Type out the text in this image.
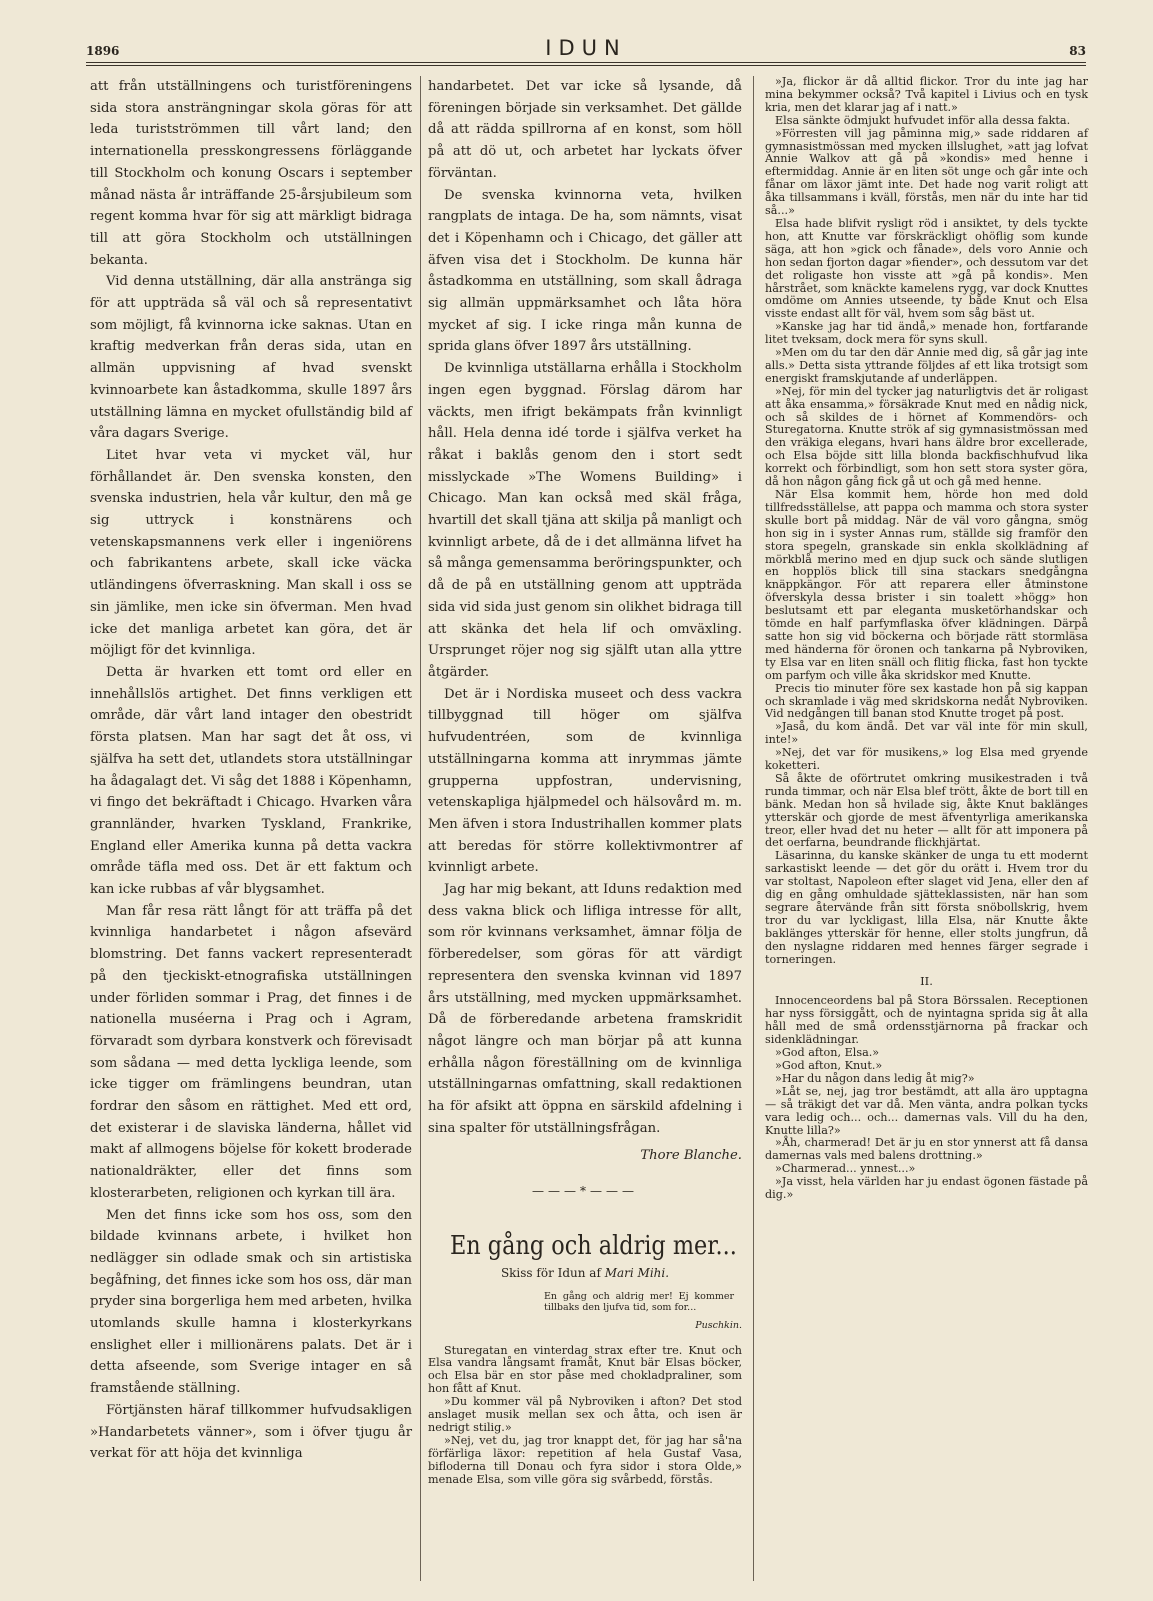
1896	IDUN	83

att från utställningens och turistföreningens sida stora ansträngningar skola göras för att leda turistströmmen till vårt land; den internationella presskongressens förläggande till Stockholm och konung Oscars i september månad nästa år inträffande 25-årsjubileum som regent komma hvar för sig att märkligt bidraga till att göra Stockholm och utställningen bekanta.

Vid denna utställning, där alla anstränga sig för att uppträda så väl och så representativt som möjligt, få kvinnorna icke saknas. Utan en kraftig medverkan från deras sida, utan en allmän uppvisning af hvad svenskt kvinnoarbete kan åstadkomma, skulle 1897 års utställning lämna en mycket ofullständig bild af våra dagars Sverige.

Litet hvar veta vi mycket väl, hur förhållandet är. Den svenska konsten, den svenska industrien, hela vår kultur, den må ge sig uttryck i konstnärens och vetenskapsmannens verk eller i ingeniörens och fabrikantens arbete, skall icke väcka utländingens öfverraskning. Man skall i oss se sin jämlike, men icke sin öfverman. Men hvad icke det manliga arbetet kan göra, det är möjligt för det kvinnliga.

Detta är hvarken ett tomt ord eller en innehållslös artighet. Det finns verkligen ett område, där vårt land intager den obestridt första platsen. Man har sagt det åt oss, vi själfva ha sett det, utlandets stora utställningar ha ådagalagt det. Vi såg det 1888 i Köpenhamn, vi fingo det bekräftadt i Chicago. Hvarken våra grannländer, hvarken Tyskland, Frankrike, England eller Amerika kunna på detta vackra område täfla med oss. Det är ett faktum och kan icke rubbas af vår blygsamhet.

Man får resa rätt långt för att träffa på det kvinnliga handarbetet i någon afsevärd blomstring. Det fanns vackert representeradt på den tjeckiskt-etnografiska utställningen under förliden sommar i Prag, det finnes i de nationella muséerna i Prag och i Agram, förvaradt som dyrbara konstverk och förevisadt som sådana — med detta lyckliga leende, som icke tigger om främlingens beundran, utan fordrar den såsom en rättighet. Med ett ord, det existerar i de slaviska länderna, hållet vid makt af allmogens böjelse för kokett broderade nationaldräkter, eller det finns som klosterarbeten, religionen och kyrkan till ära.

Men det finns icke som hos oss, som den bildade kvinnans arbete, i hvilket hon nedlägger sin odlade smak och sin artistiska begåfning, det finnes icke som hos oss, där man pryder sina borgerliga hem med arbeten, hvilka utomlands skulle hamna i klosterkyrkans enslighet eller i millionärens palats. Det är i detta afseende, som Sverige intager en så framstående ställning.

Förtjänsten häraf tillkommer hufvudsakligen »Handarbetets vänner», som i öfver tjugu år verkat för att höja det kvinnliga

handarbetet. Det var icke så lysande, då föreningen började sin verksamhet. Det gällde då att rädda spillrorna af en konst, som höll på att dö ut, och arbetet har lyckats öfver förväntan.

De svenska kvinnorna veta, hvilken rangplats de intaga. De ha, som nämnts, visat det i Köpenhamn och i Chicago, det gäller att äfven visa det i Stockholm. De kunna här åstadkomma en utställning, som skall ådraga sig allmän uppmärksamhet och låta höra mycket af sig. I icke ringa mån kunna de sprida glans öfver 1897 års utställning.

De kvinnliga utställarna erhålla i Stockholm ingen egen byggnad. Förslag därom har väckts, men ifrigt bekämpats från kvinnligt håll. Hela denna idé torde i själfva verket ha råkat i baklås genom den i stort sedt misslyckade »The Womens Building» i Chicago. Man kan också med skäl fråga, hvartill det skall tjäna att skilja på manligt och kvinnligt arbete, då de i det allmänna lifvet ha så många gemensamma beröringspunkter, och då de på en utställning genom att uppträda sida vid sida just genom sin olikhet bidraga till att skänka det hela lif och omväxling. Ursprunget röjer nog sig själft utan alla yttre åtgärder.

Det är i Nordiska museet och dess vackra tillbyggnad till höger om själfva hufvudentréen, som de kvinnliga utställningarna komma att inrymmas jämte grupperna uppfostran, undervisning, vetenskapliga hjälpmedel och hälsovård m. m. Men äfven i stora Industrihallen kommer plats att beredas för större kollektivmontrer af kvinnligt arbete.

Jag har mig bekant, att Iduns redaktion med dess vakna blick och lifliga intresse för allt, som rör kvinnans verksamhet, ämnar följa de förberedelser, som göras för att värdigt representera den svenska kvinnan vid 1897 års utställning, med mycken uppmärksamhet. Då de förberedande arbetena framskridit något längre och man börjar på att kunna erhålla någon föreställning om de kvinnliga utställningarnas omfattning, skall redaktionen ha för afsikt att öppna en särskild afdelning i sina spalter för utställningsfrågan.

Thore Blanche.
———*———
En gång och aldrig mer...
Skiss för Idun af Mari Mihi.
En gång och aldrig mer! Ej kommer tillbaks den ljufva tid, som for...
Puschkin.

Sturegatan en vinterdag strax efter tre. Knut och Elsa vandra långsamt framåt, Knut bär Elsas böcker, och Elsa bär en stor påse med chokladpraliner, som hon fått af Knut.

»Du kommer väl på Nybroviken i afton? Det stod anslaget musik mellan sex och åtta, och isen är nedrigt stilig.»

»Nej, vet du, jag tror knappt det, för jag har så'na förfärliga läxor: repetition af hela Gustaf Vasa, bifloderna till Donau och fyra sidor i stora Olde,» menade Elsa, som ville göra sig svårbedd, förstås.

»Ja, flickor är då alltid flickor. Tror du inte jag har mina bekymmer också? Två kapitel i Livius och en tysk kria, men det klarar jag af i natt.»

Elsa sänkte ödmjukt hufvudet inför alla dessa fakta.

»Förresten vill jag påminna mig,» sade riddaren af gymnasistmössan med mycken illslughet, »att jag lofvat Annie Walkov att gå på »kondis» med henne i eftermiddag. Annie är en liten söt unge och går inte och fånar om läxor jämt inte. Det hade nog varit roligt att åka tillsammans i kväll, förstås, men när du inte har tid så...»

Elsa hade blifvit rysligt röd i ansiktet, ty dels tyckte hon, att Knutte var förskräckligt ohöflig som kunde säga, att hon »gick och fånade», dels voro Annie och hon sedan fjorton dagar »fiender», och dessutom var det det roligaste hon visste att »gå på kondis». Men hårstrået, som knäckte kamelens rygg, var dock Knuttes omdöme om Annies utseende, ty både Knut och Elsa visste endast allt för väl, hvem som såg bäst ut.

»Kanske jag har tid ändå,» menade hon, fortfarande litet tveksam, dock mera för syns skull.

»Men om du tar den där Annie med dig, så går jag inte alls.» Detta sista yttrande följdes af ett lika trotsigt som energiskt framskjutande af underläppen.

»Nej, för min del tycker jag naturligtvis det är roligast att åka ensamma,» försäkrade Knut med en nådig nick, och så skildes de i hörnet af Kommendörs- och Sturegatorna. Knutte strök af sig gymnasistmössan med den vräkiga elegans, hvari hans äldre bror excellerade, och Elsa böjde sitt lilla blonda backfischhufvud lika korrekt och förbindligt, som hon sett stora syster göra, då hon någon gång fick gå ut och gå med henne.

När Elsa kommit hem, hörde hon med dold tillfredsställelse, att pappa och mamma och stora syster skulle bort på middag. När de väl voro gångna, smög hon sig in i syster Annas rum, ställde sig framför den stora spegeln, granskade sin enkla skolklädning af mörkblå merino med en djup suck och sände slutligen en hopplös blick till sina stackars snedgångna knäppkängor. För att reparera eller åtminstone öfverskyla dessa brister i sin toalett »högg» hon beslutsamt ett par eleganta musketörhandskar och tömde en half parfymflaska öfver klädningen. Därpå satte hon sig vid böckerna och började rätt stormläsa med händerna för öronen och tankarna på Nybroviken, ty Elsa var en liten snäll och flitig flicka, fast hon tyckte om parfym och ville åka skridskor med Knutte.

Precis tio minuter före sex kastade hon på sig kappan och skramlade i väg med skridskorna nedåt Nybroviken. Vid nedgången till banan stod Knutte troget på post.

»Jaså, du kom ändå. Det var väl inte för min skull, inte!»

»Nej, det var för musikens,» log Elsa med gryende koketteri.

Så åkte de oförtrutet omkring musikestraden i två runda timmar, och när Elsa blef trött, åkte de bort till en bänk. Medan hon så hvilade sig, åkte Knut baklänges ytterskär och gjorde de mest äfventyrliga amerikanska treor, eller hvad det nu heter — allt för att imponera på det oerfarna, beundrande flickhjärtat.

Läsarinna, du kanske skänker de unga tu ett modernt sarkastiskt leende — det gör du orätt i. Hvem tror du var stoltast, Napoleon efter slaget vid Jena, eller den af dig en gång omhuldade sjätteklassisten, när han som segrare återvände från sitt första snöbollskrig, hvem tror du var lyckligast, lilla Elsa, när Knutte åkte baklänges ytterskär för henne, eller stolts jungfrun, då den nyslagne riddaren med hennes färger segrade i torneringen.

II.

Innocenceordens bal på Stora Börssalen. Receptionen har nyss försiggått, och de nyintagna sprida sig åt alla håll med de små ordensstjärnorna på frackar och sidenklädningar.

»God afton, Elsa.»

»God afton, Knut.»

»Har du någon dans ledig åt mig?»

»Låt se, nej, jag tror bestämdt, att alla äro upptagna — så träkigt det var då. Men vänta, andra polkan tycks vara ledig och... och... damernas vals. Vill du ha den, Knutte lilla?»

»Åh, charmerad! Det är ju en stor ynnerst att få dansa damernas vals med balens drottning.»

»Charmerad... ynnest...»

»Ja visst, hela världen har ju endast ögonen fästade på dig.»
